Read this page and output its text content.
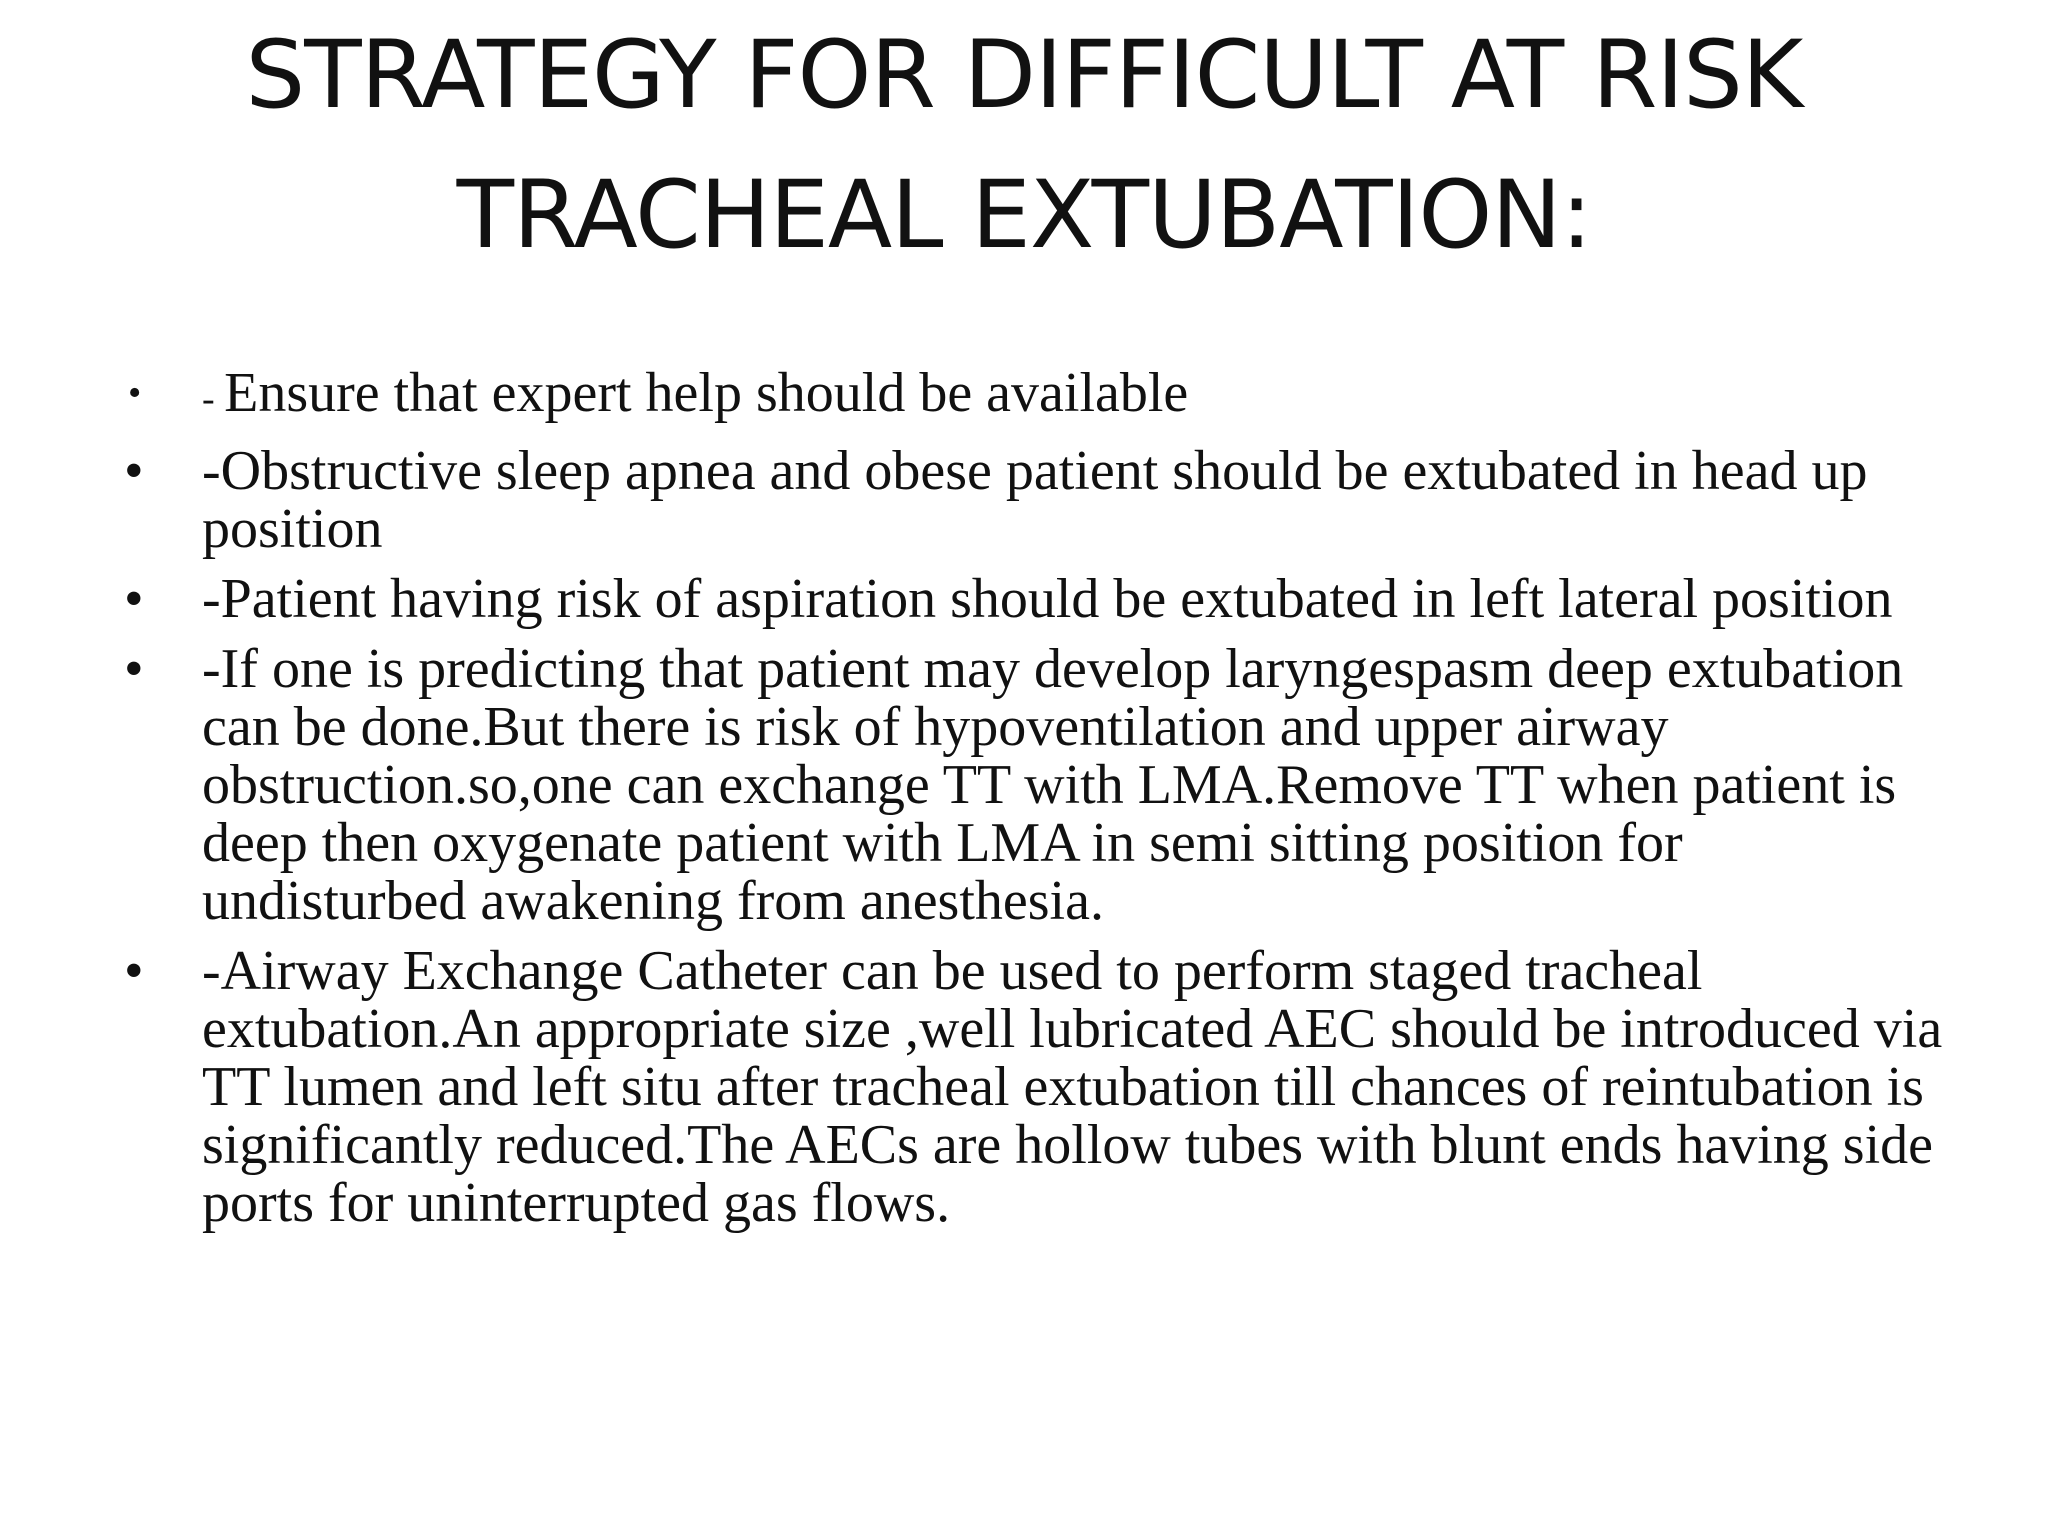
STRATEGY FOR DIFFICULT AT RISK
TRACHEAL EXTUBATION:
• - Ensure that expert help should be available
• -Obstructive sleep apnea and obese patient should be extubated in head up position
• -Patient having risk of aspiration should be extubated in left lateral position
• -If one is predicting that patient may develop laryngespasm deep extubation can be done.But there is risk of hypoventilation and upper airway obstruction.so,one can exchange TT with LMA.Remove TT when patient is deep then oxygenate patient with LMA in semi sitting position for undisturbed awakening from anesthesia.
• -Airway Exchange Catheter can be used to perform staged tracheal extubation.An appropriate size ,well lubricated AEC should be introduced via TT lumen and left situ after tracheal extubation till chances of reintubation is significantly reduced.The AECs are hollow tubes with blunt ends having side ports for uninterrupted gas flows.
